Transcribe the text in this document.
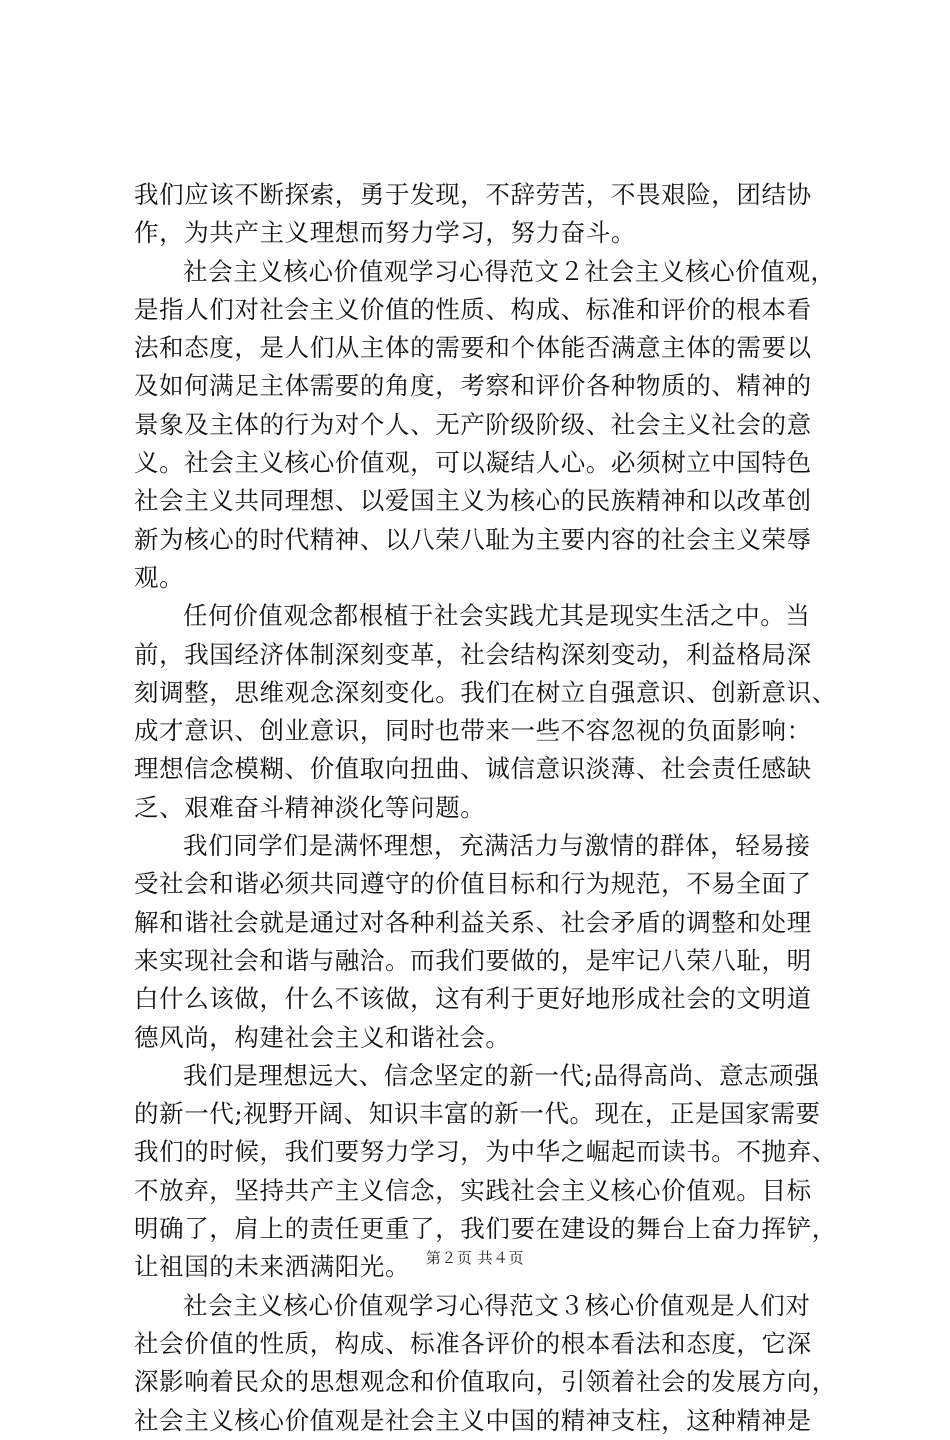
我们应该不断探索，勇于发现，不辞劳苦，不畏艰险，团结协
作，为共产主义理想而努力学习，努力奋斗。
社会主义核心价值观学习心得范文２社会主义核心价值观，
是指人们对社会主义价值的性质、构成、标准和评价的根本看
法和态度，是人们从主体的需要和个体能否满意主体的需要以
及如何满足主体需要的角度，考察和评价各种物质的、精神的
景象及主体的行为对个人、无产阶级阶级、社会主义社会的意
义。社会主义核心价值观，可以凝结人心。必须树立中国特色
社会主义共同理想、以爱国主义为核心的民族精神和以改革创
新为核心的时代精神、以八荣八耻为主要内容的社会主义荣辱
观。
任何价值观念都根植于社会实践尤其是现实生活之中。当
前，我国经济体制深刻变革，社会结构深刻变动，利益格局深
刻调整，思维观念深刻变化。我们在树立自强意识、创新意识、
成才意识、创业意识，同时也带来一些不容忽视的负面影响：
理想信念模糊、价值取向扭曲、诚信意识淡薄、社会责任感缺
乏、艰难奋斗精神淡化等问题。
我们同学们是满怀理想，充满活力与激情的群体，轻易接
受社会和谐必须共同遵守的价值目标和行为规范，不易全面了
解和谐社会就是通过对各种利益关系、社会矛盾的调整和处理
来实现社会和谐与融洽。而我们要做的，是牢记八荣八耻，明
白什么该做，什么不该做，这有利于更好地形成社会的文明道
德风尚，构建社会主义和谐社会。
我们是理想远大、信念坚定的新一代;品得高尚、意志顽强
的新一代;视野开阔、知识丰富的新一代。现在，正是国家需要
我们的时候，我们要努力学习，为中华之崛起而读书。不抛弃、
不放弃，坚持共产主义信念，实践社会主义核心价值观。目标
明确了，肩上的责任更重了，我们要在建设的舞台上奋力挥铲，
让祖国的未来洒满阳光。
社会主义核心价值观学习心得范文３核心价值观是人们对
社会价值的性质，构成、标准各评价的根本看法和态度，它深
深影响着民众的思想观念和价值取向，引领着社会的发展方向，
社会主义核心价值观是社会主义中国的精神支柱，这种精神是
第２页 共４页
